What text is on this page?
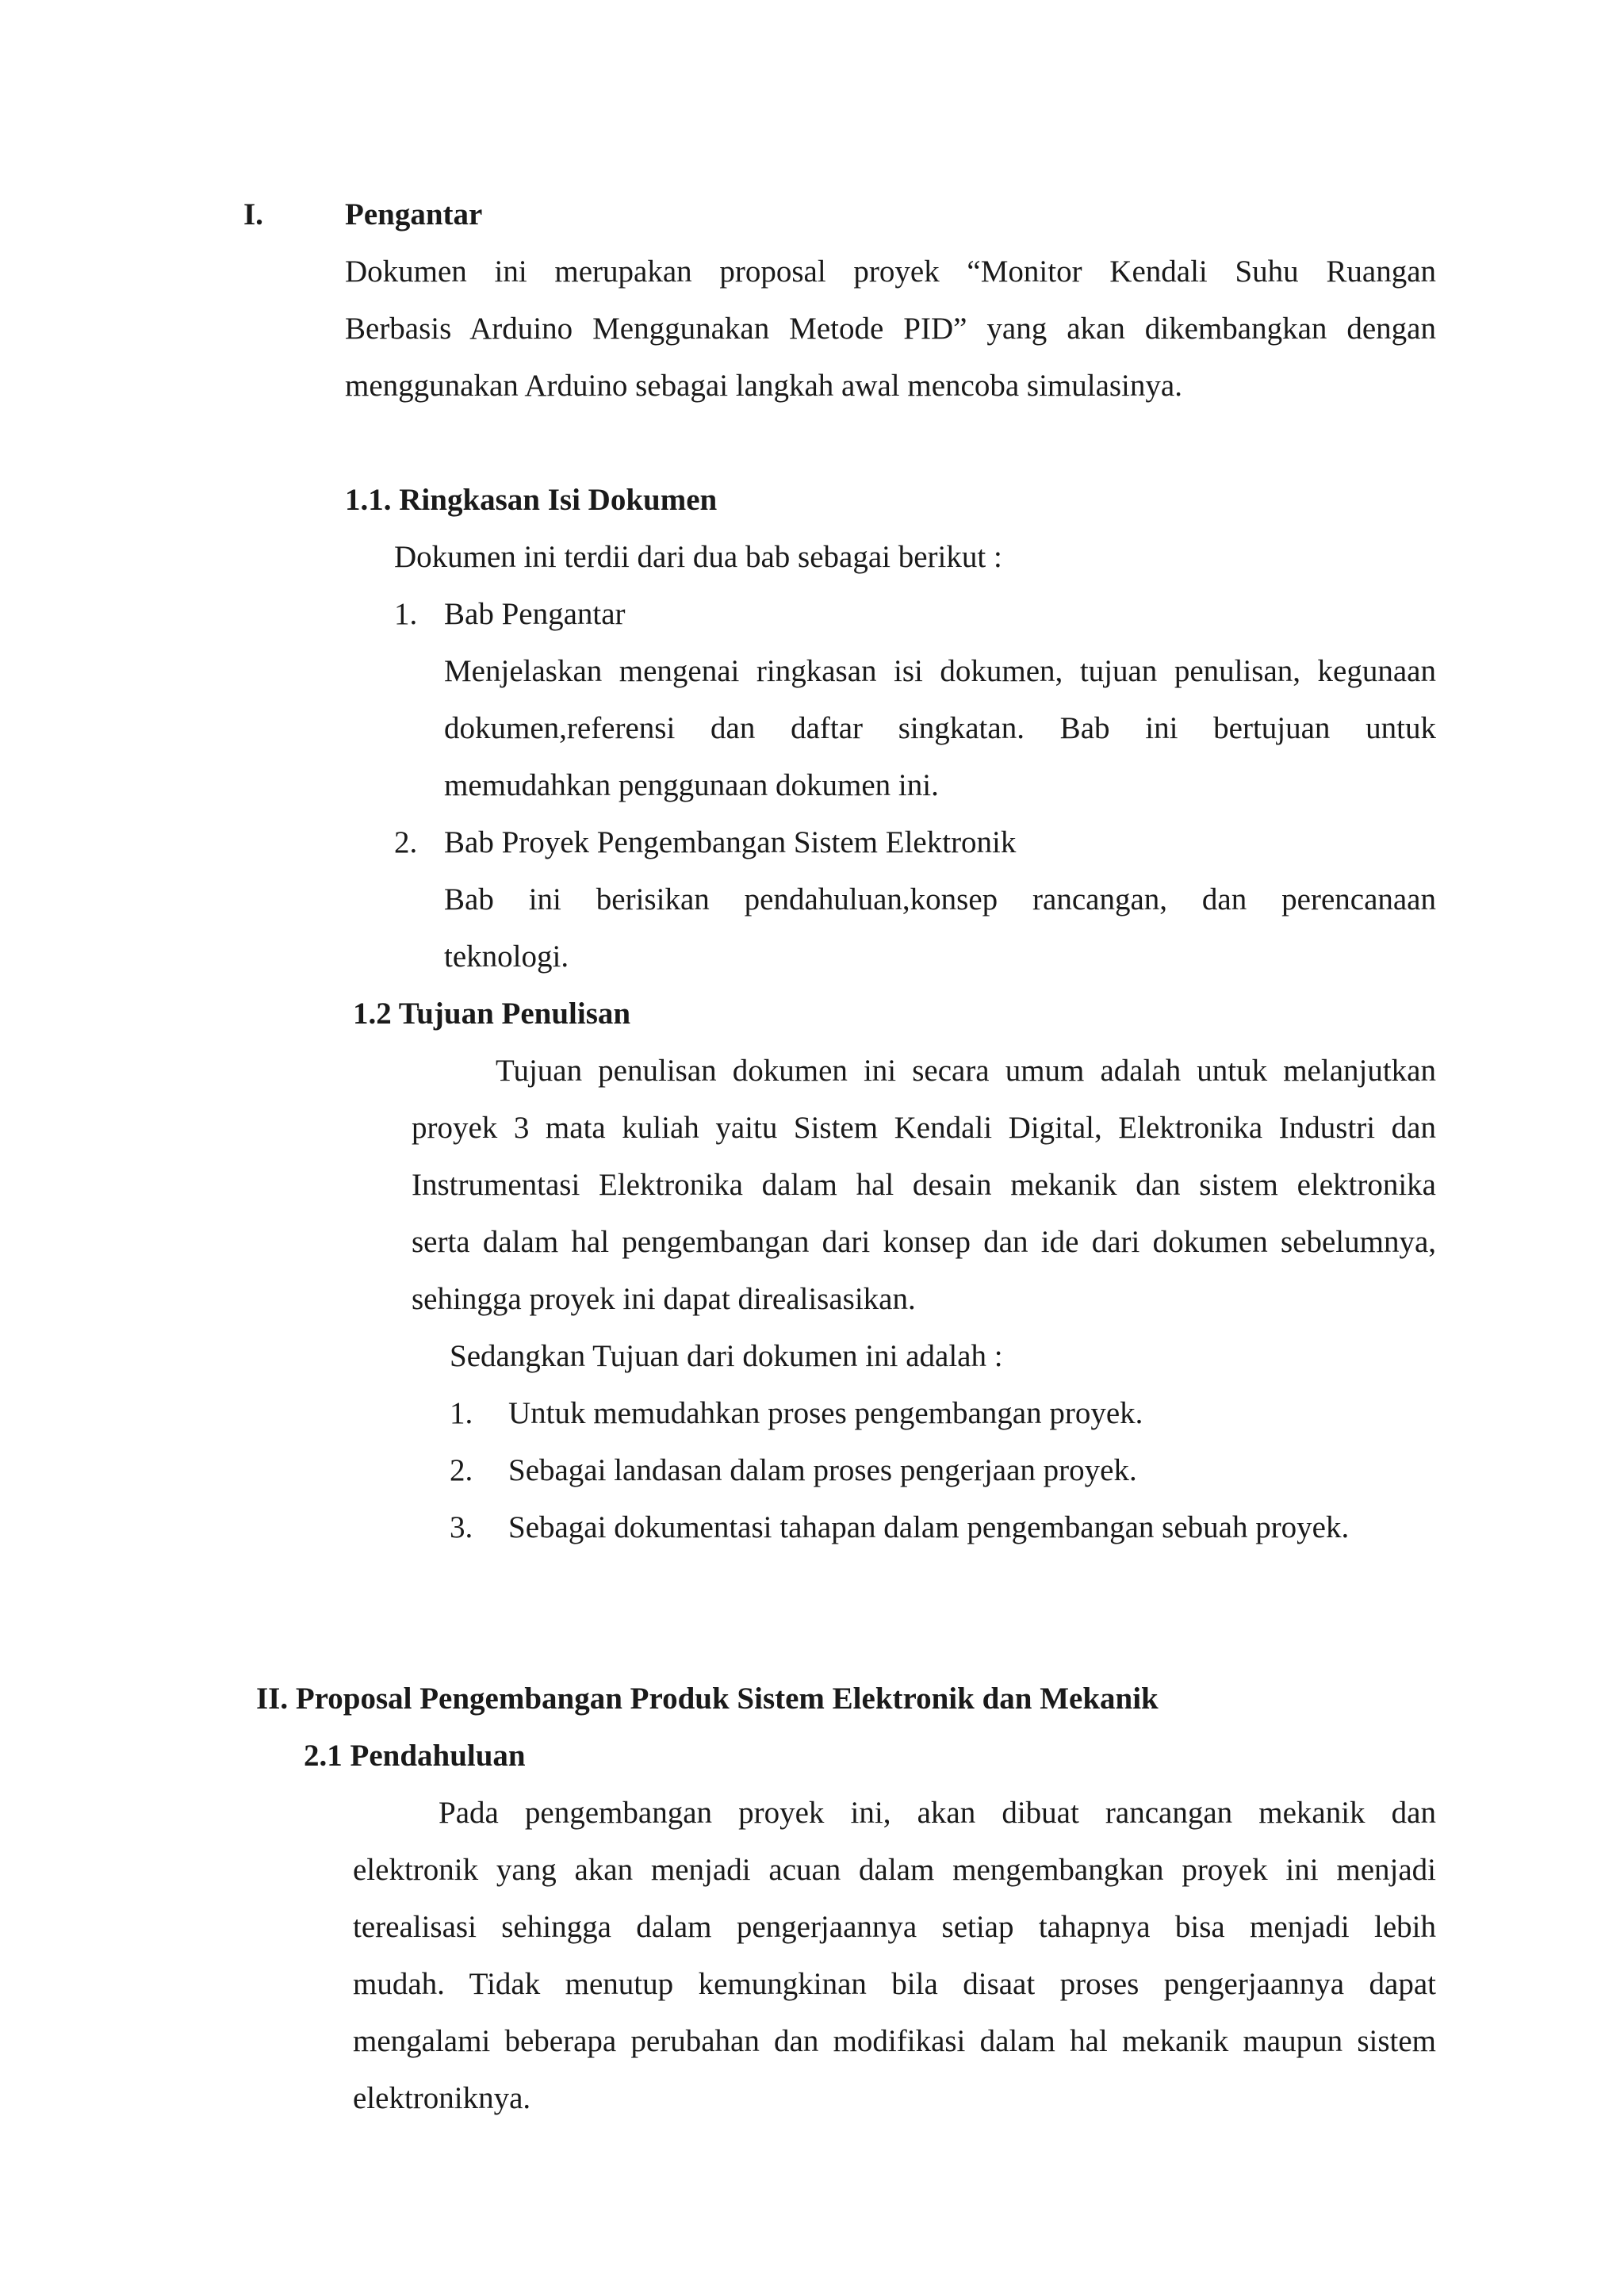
I.	Pengantar
Dokumen ini merupakan proposal proyek “Monitor Kendali Suhu Ruangan
Berbasis Arduino Menggunakan Metode PID” yang akan dikembangkan dengan
menggunakan Arduino sebagai langkah awal mencoba simulasinya.
1.1. Ringkasan Isi Dokumen
Dokumen ini terdii dari dua bab sebagai berikut :
1. Bab Pengantar
Menjelaskan mengenai ringkasan isi dokumen, tujuan penulisan, kegunaan
dokumen,referensi dan daftar singkatan. Bab ini bertujuan untuk
memudahkan penggunaan dokumen ini.
2. Bab Proyek Pengembangan Sistem Elektronik
Bab ini berisikan pendahuluan,konsep rancangan, dan perencanaan
teknologi.
1.2 Tujuan Penulisan
Tujuan penulisan dokumen ini secara umum adalah untuk melanjutkan
proyek 3 mata kuliah yaitu Sistem Kendali Digital, Elektronika Industri dan
Instrumentasi Elektronika dalam hal desain mekanik dan sistem elektronika
serta dalam hal pengembangan dari konsep dan ide dari dokumen sebelumnya,
sehingga proyek ini dapat direalisasikan.
Sedangkan Tujuan dari dokumen ini adalah :
1. Untuk memudahkan proses pengembangan proyek.
2. Sebagai landasan dalam proses pengerjaan proyek.
3. Sebagai dokumentasi tahapan dalam pengembangan sebuah proyek.
II. Proposal Pengembangan Produk Sistem Elektronik dan Mekanik
2.1 Pendahuluan
Pada pengembangan proyek ini, akan dibuat rancangan mekanik dan
elektronik yang akan menjadi acuan dalam mengembangkan proyek ini menjadi
terealisasi sehingga dalam pengerjaannya setiap tahapnya bisa menjadi lebih
mudah. Tidak menutup kemungkinan bila disaat proses pengerjaannya dapat
mengalami beberapa perubahan dan modifikasi dalam hal mekanik maupun sistem
elektroniknya.
